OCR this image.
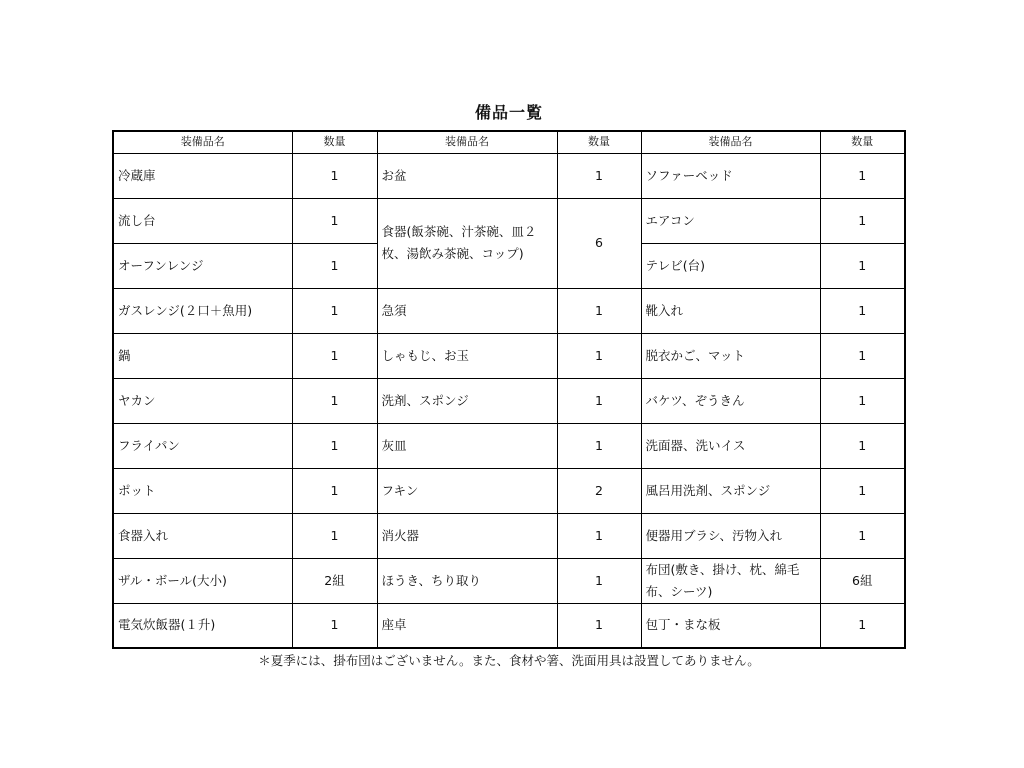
備品一覧
装備品名	数量	装備品名	数量	装備品名	数量
冷蔵庫	1	お盆	1	ソファーベッド	1
流し台	1	食器(飯茶碗、汁茶碗、皿２枚、湯飲み茶碗、コップ)	6	エアコン	1
オーフンレンジ	1			テレビ(台)	1
ガスレンジ(２口＋魚用)	1	急須	1	靴入れ	1
鍋	1	しゃもじ、お玉	1	脱衣かご、マット	1
ヤカン	1	洗剤、スポンジ	1	バケツ、ぞうきん	1
フライパン	1	灰皿	1	洗面器、洗いイス	1
ポット	1	フキン	2	風呂用洗剤、スポンジ	1
食器入れ	1	消火器	1	便器用ブラシ、汚物入れ	1
ザル・ボール(大小)	2組	ほうき、ちり取り	1	布団(敷き、掛け、枕、綿毛布、シーツ)	6組
電気炊飯器(１升)	1	座卓	1	包丁・まな板	1
＊夏季には、掛布団はございません。また、食材や箸、洗面用具は設置してありません。
